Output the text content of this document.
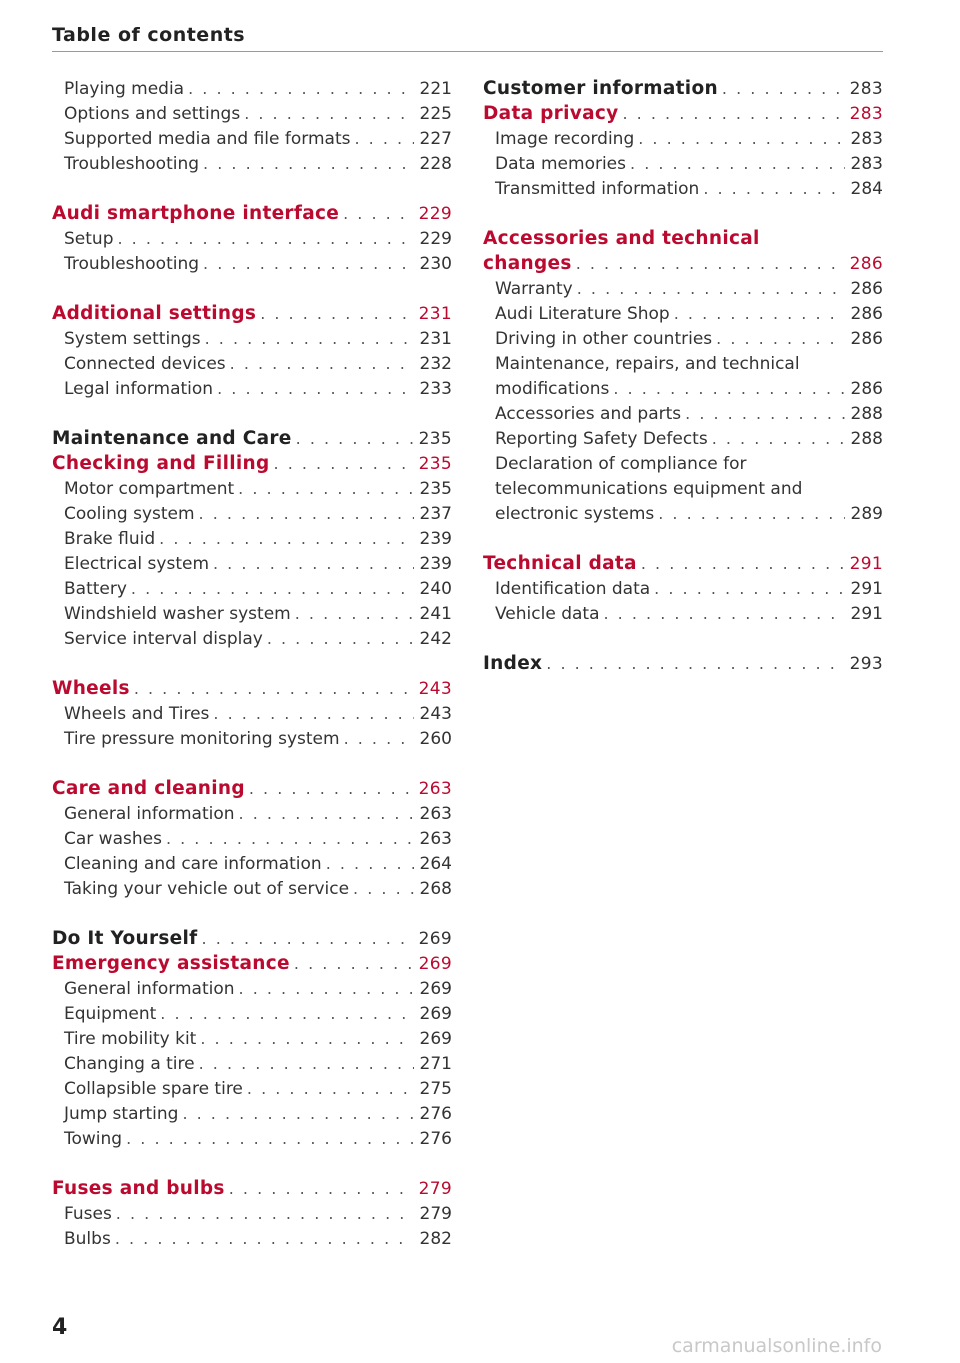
Table of contents
Playing media . . .	221
Options and settings . . .	225
Supported media and file formats . . .	227
Troubleshooting . . .	228
Audi smartphone interface . . .	229
Setup . . .	229
Troubleshooting . . .	230
Additional settings . . .	231
System settings . . .	231
Connected devices . . .	232
Legal information . . .	233
Maintenance and Care . . .	235
Checking and Filling . . .	235
Motor compartment . . .	235
Cooling system . . .	237
Brake fluid . . .	239
Electrical system . . .	239
Battery . . .	240
Windshield washer system . . .	241
Service interval display . . .	242
Wheels . . .	243
Wheels and Tires . . .	243
Tire pressure monitoring system . . .	260
Care and cleaning . . .	263
General information . . .	263
Car washes . . .	263
Cleaning and care information . . .	264
Taking your vehicle out of service . . .	268
Do It Yourself . . .	269
Emergency assistance . . .	269
General information . . .	269
Equipment . . .	269
Tire mobility kit . . .	269
Changing a tire . . .	271
Collapsible spare tire . . .	275
Jump starting . . .	276
Towing . . .	276
Fuses and bulbs . . .	279
Fuses . . .	279
Bulbs . . .	282
Customer information . . .	283
Data privacy . . .	283
Image recording . . .	283
Data memories . . .	283
Transmitted information . . .	284
Accessories and technical
changes . . .	286
Warranty . . .	286
Audi Literature Shop . . .	286
Driving in other countries . . .	286
Maintenance, repairs, and technical
modifications . . .	286
Accessories and parts . . .	288
Reporting Safety Defects . . .	288
Declaration of compliance for
telecommunications equipment and
electronic systems . . .	289
Technical data . . .	291
Identification data . . .	291
Vehicle data . . .	291
Index . . .	293
4
carmanualsonline.info
